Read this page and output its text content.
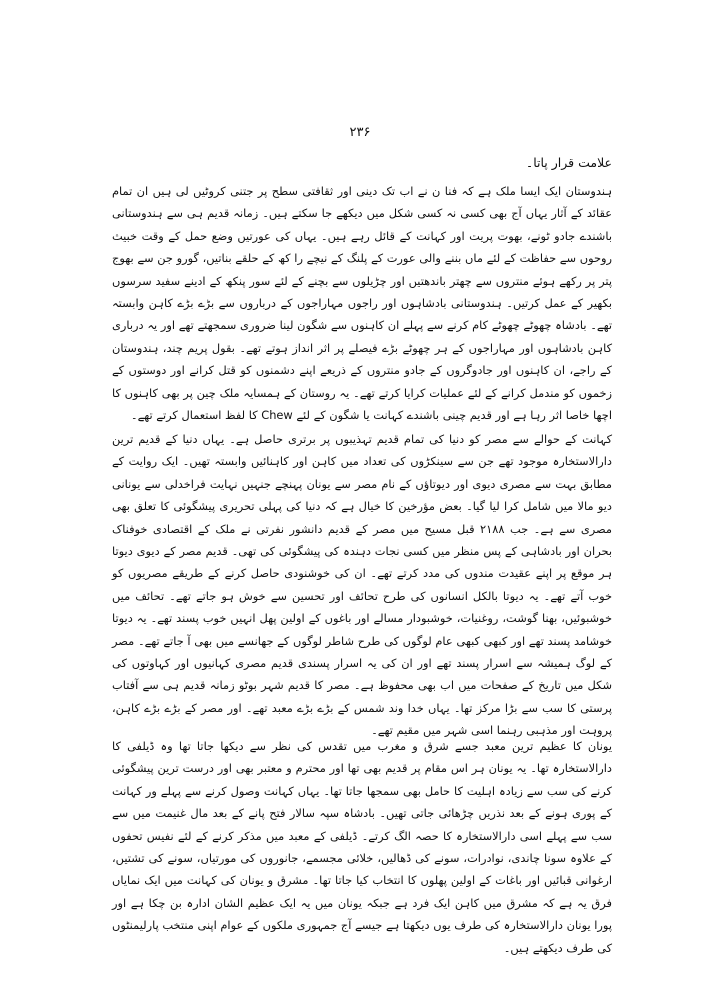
۲۳۶
علامت قرار پاتا۔

ہندوستان ایک ایسا ملک ہے کہ فنا ن نے اب تک دینی اور ثقافتی سطح پر جتنی کروٹیں لی ہیں ان تمام عقائد کے آثار یہاں آج بھی کسی نہ کسی شکل میں دیکھے جا سکتے ہیں۔ زمانہ قدیم ہی سے ہندوستانی باشندے جادو ٹونے، بھوت پریت اور کہانت کے قائل رہے ہیں۔ یہاں کی عورتیں وضع حمل کے وقت خبیث روحوں سے حفاظت کے لئے ماں بننے والی عورت کے پلنگ کے نیچے را کھ کے حلقے بناتیں، گورو جن سے بھوج پتر پر رکھے ہوئے منتروں سے چھتر باندھتیں اور چڑیلوں سے بچنے کے لئے سور پنکھ کے ادینے سفید سرسوں بکھیر کے عمل کرتیں۔ ہندوستانی بادشاہوں اور راجوں مہاراجوں کے درباروں سے بڑے بڑے کاہن وابستہ تھے۔ بادشاہ چھوٹے چھوٹے کام کرنے سے پہلے ان کاہنوں سے شگون لینا ضروری سمجھتے تھے اور یہ درباری کاہن بادشاہوں اور مہاراجوں کے ہر چھوٹے بڑے فیصلے پر اثر انداز ہوتے تھے۔ بقول پریم چند، ہندوستان کے راجے، ان کاہنوں اور جادوگروں کے جادو منتروں کے ذریعے اپنے دشمنوں کو قتل کرانے اور دوستوں کے زخموں کو مندمل کرانے کے لئے عملیات کرایا کرتے تھے۔ یہ روستان کے ہمسایہ ملک چین پر بھی کاہنوں کا اچھا خاصا اثر رہا ہے اور قدیم چینی باشندے کہانت یا شگون کے لئے Chew کا لفظ استعمال کرتے تھے۔

کہانت کے حوالے سے مصر کو دنیا کی تمام قدیم تہذیبوں پر برتری حاصل ہے۔ یہاں دنیا کے قدیم ترین دارالاستخارہ موجود تھے جن سے سینکڑوں کی تعداد میں کاہن اور کاہنائیں وابستہ تھیں۔ ایک روایت کے مطابق بہت سے مصری دیوی اور دیوتاؤں کے نام مصر سے یونان پہنچے جنہیں نہایت فراخدلی سے یونانی دیو مالا میں شامل کرا لیا گیا۔ بعض مؤرخین کا خیال ہے کہ دنیا کی پہلی تحریری پیشگوئی کا تعلق بھی مصری سے ہے۔ جب ۲۱۸۸ قبل مسیح میں مصر کے قدیم دانشور نفرتی نے ملک کے اقتصادی خوفناک بحران اور بادشاہی کے پس منظر میں کسی نجات دہندہ کی پیشگوئی کی تھی۔ قدیم مصر کے دیوی دیوتا ہر موقع پر اپنے عقیدت مندوں کی مدد کرتے تھے۔ ان کی خوشنودی حاصل کرنے کے طریقے مصریوں کو خوب آتے تھے۔ یہ دیوتا بالکل انسانوں کی طرح تحائف اور تحسین سے خوش ہو جاتے تھے۔ تحائف میں خوشبوئیں، بھنا گوشت، روغنیات، خوشبودار مسالے اور باغوں کے اولین پھل انہیں خوب پسند تھے۔ یہ دیوتا خوشامد پسند تھے اور کبھی کبھی عام لوگوں کی طرح شاطر لوگوں کے جھانسے میں بھی آ جاتے تھے۔ مصر کے لوگ ہمیشہ سے اسرار پسند تھے اور ان کی یہ اسرار پسندی قدیم مصری کہانیوں اور کہاوتوں کی شکل میں تاریخ کے صفحات میں اب بھی محفوظ ہے۔ مصر کا قدیم شہر بوٹو زمانہ قدیم ہی سے آفتاب پرستی کا سب سے بڑا مرکز تھا۔ یہاں خدا وند شمس کے بڑے بڑے معبد تھے۔ اور مصر کے بڑے بڑے کاہن، پروہت اور مذہبی رہنما اسی شہر میں مقیم تھے۔

یونان کا عظیم ترین معبد جسے شرق و مغرب میں تقدس کی نظر سے دیکھا جاتا تھا وہ ڈیلفی کا دارالاستخارہ تھا۔ یہ یونان ہر اس مقام پر قدیم بھی تھا اور محترم و معتبر بھی اور درست ترین پیشگوئی کرنے کی سب سے زیادہ اہلیت کا حامل بھی سمجھا جاتا تھا۔ یہاں کہانت وصول کرنے سے پہلے ور کہانت کے پوری ہونے کے بعد نذریں چڑھائی جاتی تھیں۔ بادشاہ سپہ سالار فتح پانے کے بعد مال غنیمت میں سے سب سے پہلے اسی دارالاستخارہ کا حصہ الگ کرتے۔ ڈیلفی کے معبد میں مذکر کرنے کے لئے نفیس تحفوں کے علاوہ سونا چاندی، نوادرات، سونے کی ڈھالیں، خلائی مجسمے، جانوروں کی مورتیاں، سونے کی تشتیں، ارغوانی قبائیں اور باغات کے اولین پھلوں کا انتخاب کیا جاتا تھا۔ مشرق و یونان کی کہانت میں ایک نمایاں فرق یہ ہے کہ مشرق میں کاہن ایک فرد ہے جبکہ یونان میں یہ ایک عظیم الشان ادارہ بن چکا ہے اور پورا یونان دارالاستخارہ کی طرف یوں دیکھتا ہے جیسے آج جمہوری ملکوں کے عوام اپنی منتخب پارلیمنٹوں کی طرف دیکھتے ہیں۔
